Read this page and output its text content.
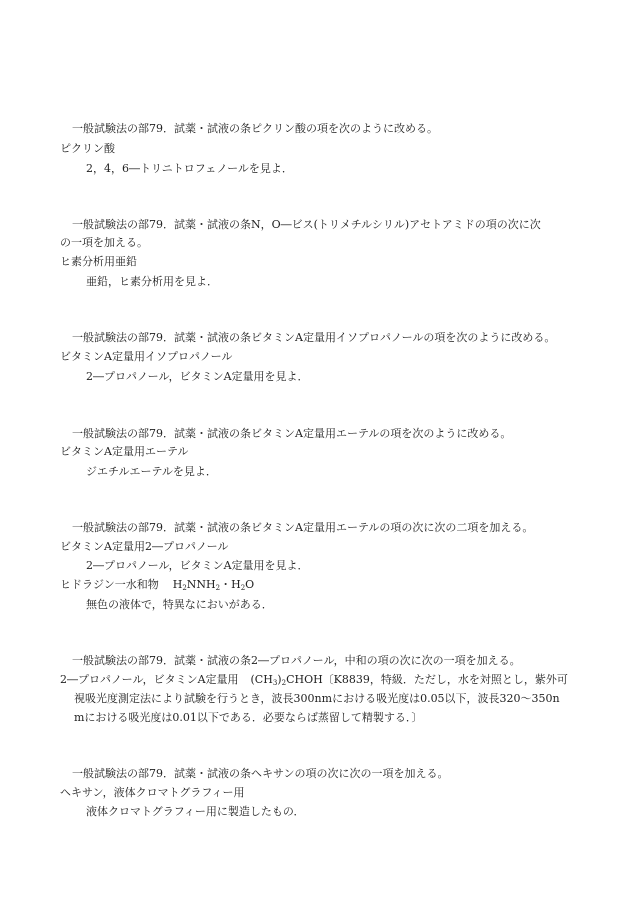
一般試験法の部79．試薬・試液の条ピクリン酸の項を次のように改める。
ピクリン酸
2，4，6―トリニトロフェノールを見よ．
一般試験法の部79．試薬・試液の条N，O―ビス(トリメチルシリル)アセトアミドの項の次に次
の一項を加える。
ヒ素分析用亜鉛
亜鉛，ヒ素分析用を見よ．
一般試験法の部79．試薬・試液の条ビタミンA定量用イソプロパノールの項を次のように改める。
ビタミンA定量用イソプロパノール
2―プロパノール，ビタミンA定量用を見よ．
一般試験法の部79．試薬・試液の条ビタミンA定量用エーテルの項を次のように改める。
ビタミンA定量用エーテル
ジエチルエーテルを見よ．
一般試験法の部79．試薬・試液の条ビタミンA定量用エーテルの項の次に次の二項を加える。
ビタミンA定量用2―プロパノール
2―プロパノール，ビタミンA定量用を見よ．
ヒドラジン一水和物 $H_2NNH_2$・$H_2O$
無色の液体で，特異なにおいがある．
一般試験法の部79．試薬・試液の条2―プロパノール，中和の項の次に次の一項を加える。
2―プロパノール，ビタミンA定量用 $(CH_3)_2CHOH$〔K8839，特級．ただし，水を対照とし，紫外可
視吸光度測定法により試験を行うとき，波長300nmにおける吸光度は0.05以下，波長320～350n
mにおける吸光度は0.01以下である．必要ならば蒸留して精製する．〕
一般試験法の部79．試薬・試液の条ヘキサンの項の次に次の一項を加える。
ヘキサン，液体クロマトグラフィー用
液体クロマトグラフィー用に製造したもの．
